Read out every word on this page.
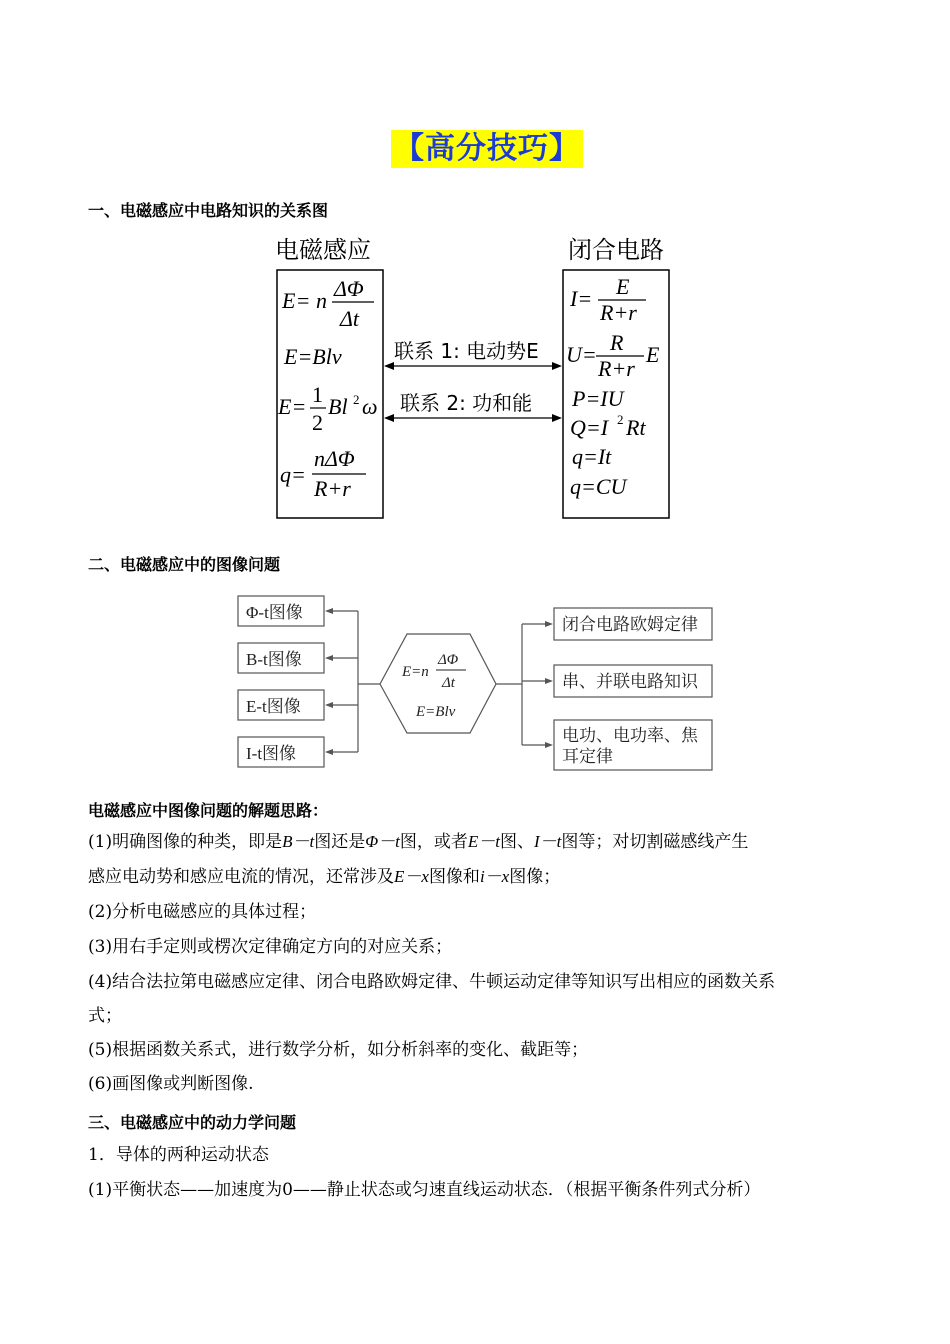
【高分技巧】
一、电磁感应中电路知识的关系图
电磁感应	闭合电路
E = n ΔΦ
Δt
E=Blv
E= 1
2
Bl 2 ω
q=
nΔΦ
R+r
I= E
R+r
U= R
R+r
E
P=IU
Q=I 2 Rt
q=It
q=CU
联系 1: 电动势E
联系 2: 功和能
二、电磁感应中的图像问题
Φ-t图像
B-t图像
E-t图像
I-t图像
闭合电路欧姆定律
串、并联电路知识
电功、电功率、焦
耳定律
E=n
ΔΦ
Δt
E=Blv
电磁感应中图像问题的解题思路：
(1)明确图像的种类，即是B－t图还是Φ－t图，或者E－t图、I－t图等；对切割磁感线产生
感应电动势和感应电流的情况，还常涉及E－x图像和i－x图像；
(2)分析电磁感应的具体过程；
(3)用右手定则或楞次定律确定方向的对应关系；
(4)结合法拉第电磁感应定律、闭合电路欧姆定律、牛顿运动定律等知识写出相应的函数关系
式；
(5)根据函数关系式，进行数学分析，如分析斜率的变化、截距等；
(6)画图像或判断图像.
三、电磁感应中的动力学问题
1．导体的两种运动状态
(1)平衡状态——加速度为0——静止状态或匀速直线运动状态．（根据平衡条件列式分析）
